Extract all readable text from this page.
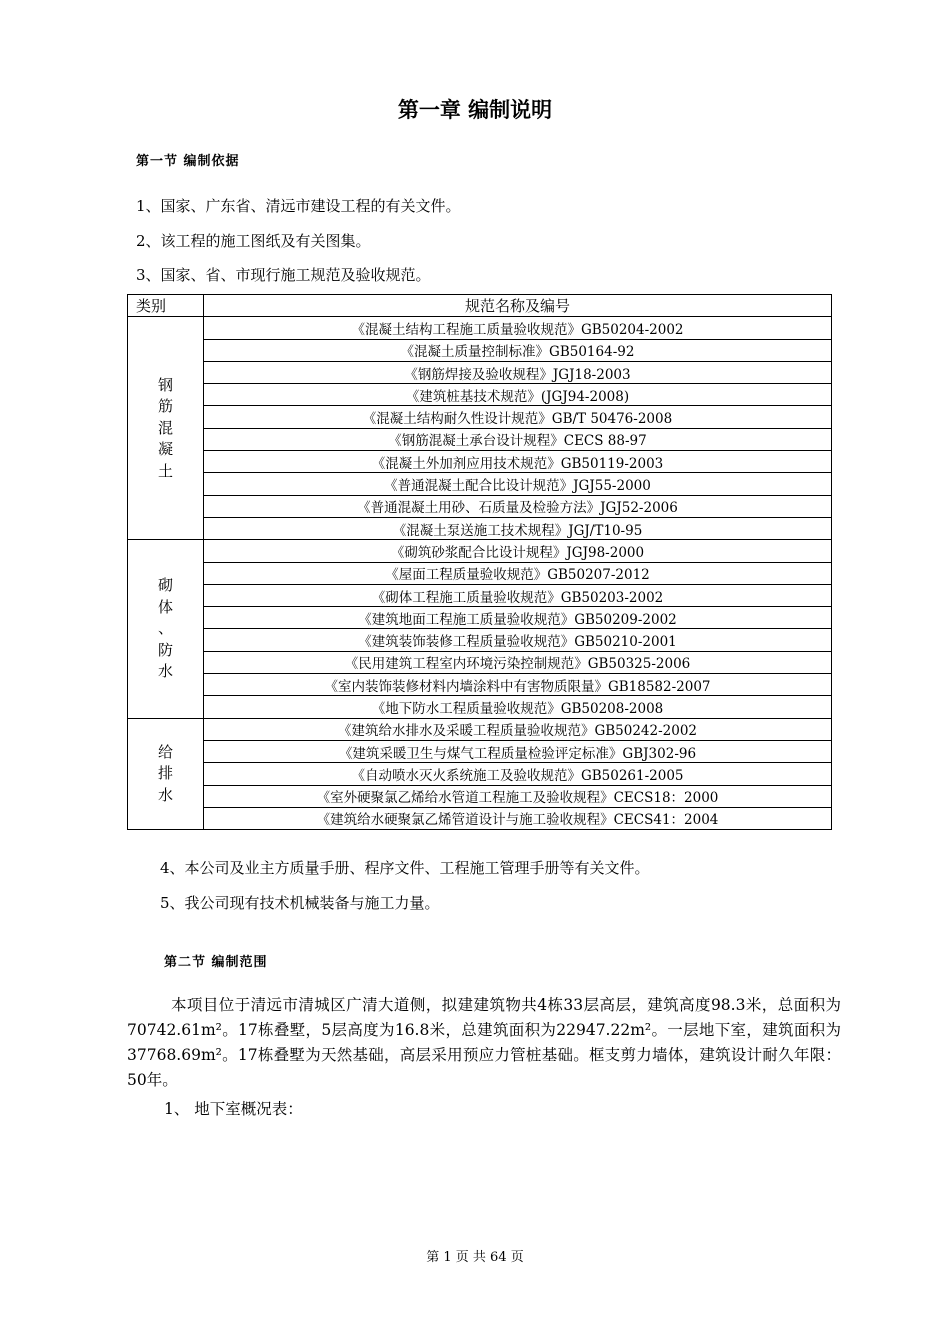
第一章 编制说明
第一节 编制依据
1、国家、广东省、清远市建设工程的有关文件。
2、该工程的施工图纸及有关图集。
3、国家、省、市现行施工规范及验收规范。
类别	规范名称及编号
钢
筋
混
凝
土	《混凝土结构工程施工质量验收规范》GB50204-2002
	《混凝土质量控制标准》GB50164-92
	《钢筋焊接及验收规程》JGJ18-2003
	《建筑桩基技术规范》(JGJ94-2008)
	《混凝土结构耐久性设计规范》GB/T 50476-2008
	《钢筋混凝土承台设计规程》CECS 88-97
	《混凝土外加剂应用技术规范》GB50119-2003
	《普通混凝土配合比设计规范》JGJ55-2000
	《普通混凝土用砂、石质量及检验方法》JGJ52-2006
	《混凝土泵送施工技术规程》JGJ/T10-95
砌
体
、
防
水	《砌筑砂浆配合比设计规程》JGJ98-2000
	《屋面工程质量验收规范》GB50207-2012
	《砌体工程施工质量验收规范》GB50203-2002
	《建筑地面工程施工质量验收规范》GB50209-2002
	《建筑装饰装修工程质量验收规范》GB50210-2001
	《民用建筑工程室内环境污染控制规范》GB50325-2006
	《室内装饰装修材料内墙涂料中有害物质限量》GB18582-2007
	《地下防水工程质量验收规范》GB50208-2008
给
排
水	《建筑给水排水及采暖工程质量验收规范》GB50242-2002
	《建筑采暖卫生与煤气工程质量检验评定标准》GBJ302-96
	《自动喷水灭火系统施工及验收规范》GB50261-2005
	《室外硬聚氯乙烯给水管道工程施工及验收规程》CECS18：2000
	《建筑给水硬聚氯乙烯管道设计与施工验收规程》CECS41：2004
4、本公司及业主方质量手册、程序文件、工程施工管理手册等有关文件。
5、我公司现有技术机械装备与施工力量。
第二节 编制范围
本项目位于清远市清城区广清大道侧，拟建建筑物共4栋33层高层，建筑高度98.3米，总面积为70742.61m²。17栋叠墅，5层高度为16.8米，总建筑面积为22947.22m²。一层地下室，建筑面积为37768.69m²。17栋叠墅为天然基础，高层采用预应力管桩基础。框支剪力墙体，建筑设计耐久年限：50年。
1、 地下室概况表：
第 1 页 共 64 页
